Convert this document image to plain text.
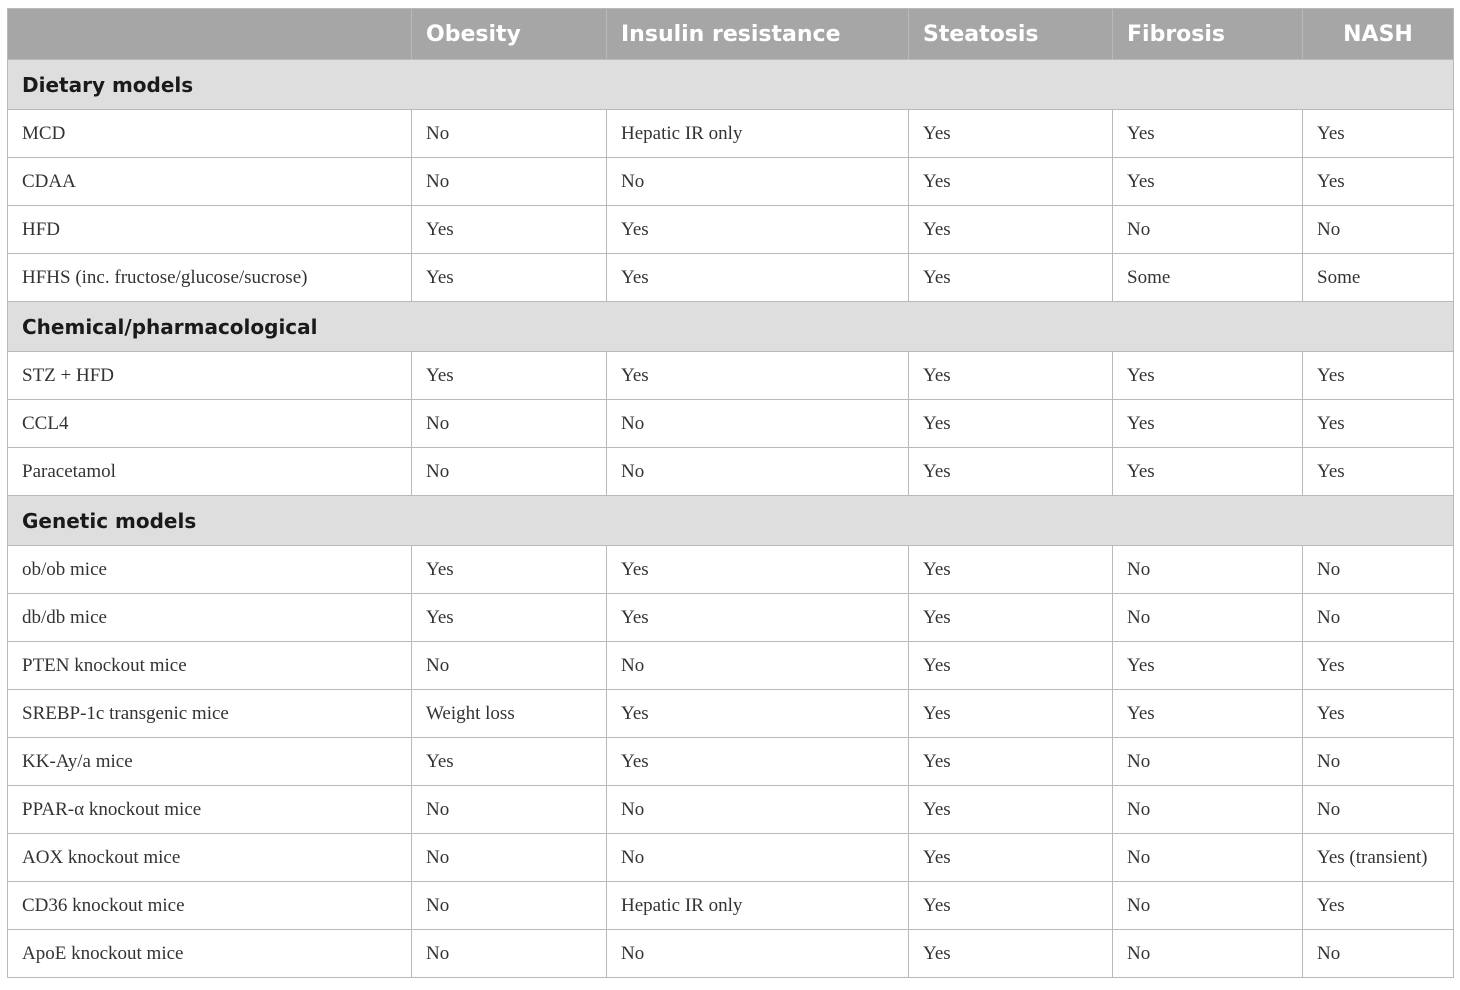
	Obesity	Insulin resistance	Steatosis	Fibrosis	NASH
Dietary models					
MCD	No	Hepatic IR only	Yes	Yes	Yes
CDAA	No	No	Yes	Yes	Yes
HFD	Yes	Yes	Yes	No	No
HFHS (inc. fructose/glucose/sucrose)	Yes	Yes	Yes	Some	Some
Chemical/pharmacological					
STZ + HFD	Yes	Yes	Yes	Yes	Yes
CCL4	No	No	Yes	Yes	Yes
Paracetamol	No	No	Yes	Yes	Yes
Genetic models					
ob/ob mice	Yes	Yes	Yes	No	No
db/db mice	Yes	Yes	Yes	No	No
PTEN knockout mice	No	No	Yes	Yes	Yes
SREBP-1c transgenic mice	Weight loss	Yes	Yes	Yes	Yes
KK-Ay/a mice	Yes	Yes	Yes	No	No
PPAR-α knockout mice	No	No	Yes	No	No
AOX knockout mice	No	No	Yes	No	Yes (transient)
CD36 knockout mice	No	Hepatic IR only	Yes	No	Yes
ApoE knockout mice	No	No	Yes	No	No
